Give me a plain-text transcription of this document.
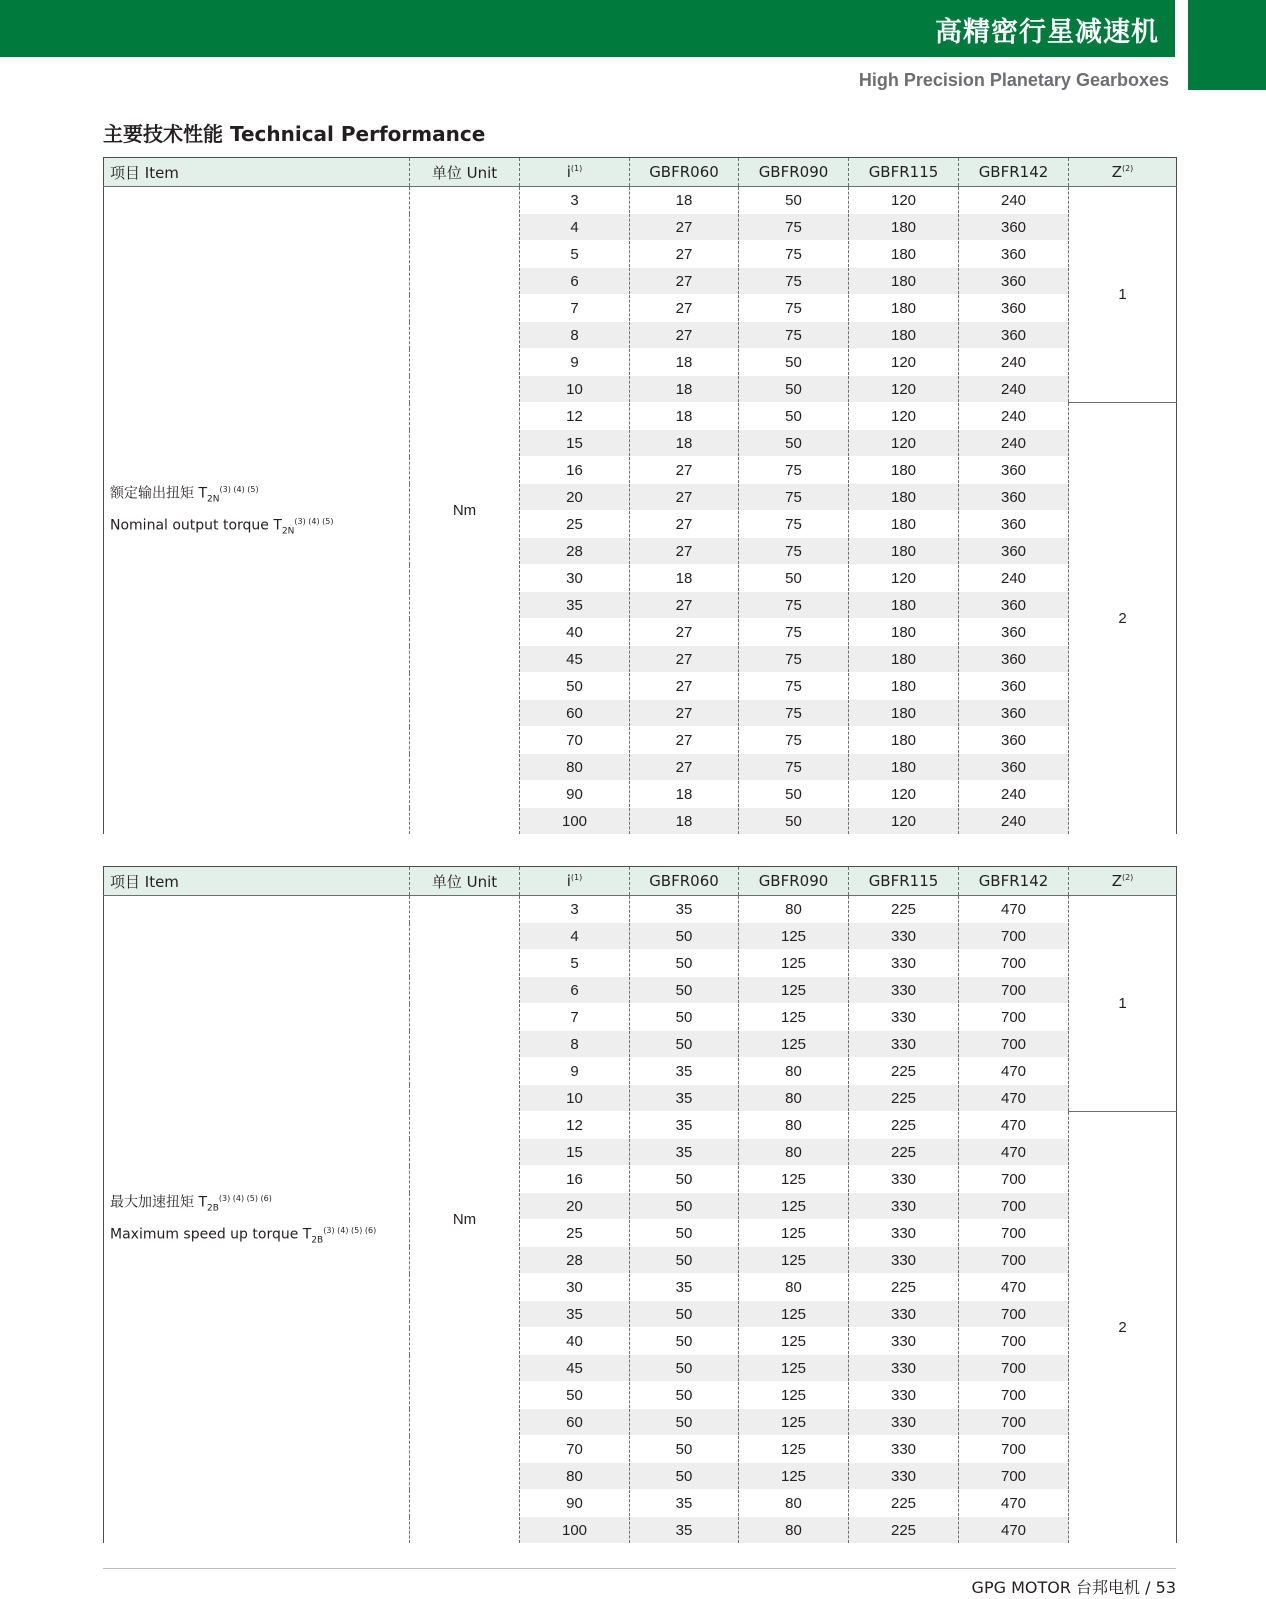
高精密行星减速机
High Precision Planetary Gearboxes
主要技术性能 Technical Performance
项目 Item	单位 Unit	$i^{(1)}$	GBFR060	GBFR090	GBFR115	GBFR142	$Z^{(2)}$

额定输出扭矩 $T_{2N}^{(3) (4) (5)}$
Nominal output torque $T_{2N}^{(3) (4) (5)}$	Nm	3	18	50	120	240	1
		4	27	75	180	360	
		5	27	75	180	360	
		6	27	75	180	360	
		7	27	75	180	360	
		8	27	75	180	360	
		9	18	50	120	240	
		10	18	50	120	240	
		12	18	50	120	240	2
		15	18	50	120	240	
		16	27	75	180	360	
		20	27	75	180	360	
		25	27	75	180	360	
		28	27	75	180	360	
		30	18	50	120	240	
		35	27	75	180	360	
		40	27	75	180	360	
		45	27	75	180	360	
		50	27	75	180	360	
		60	27	75	180	360	
		70	27	75	180	360	
		80	27	75	180	360	
		90	18	50	120	240	
		100	18	50	120	240	
项目 Item	单位 Unit	$i^{(1)}$	GBFR060	GBFR090	GBFR115	GBFR142	$Z^{(2)}$

最大加速扭矩 $T_{2B}^{(3) (4) (5) (6)}$
Maximum speed up torque $T_{2B}^{(3) (4) (5) (6)}$	Nm	3	35	80	225	470	1
		4	50	125	330	700	
		5	50	125	330	700	
		6	50	125	330	700	
		7	50	125	330	700	
		8	50	125	330	700	
		9	35	80	225	470	
		10	35	80	225	470	
		12	35	80	225	470	2
		15	35	80	225	470	
		16	50	125	330	700	
		20	50	125	330	700	
		25	50	125	330	700	
		28	50	125	330	700	
		30	35	80	225	470	
		35	50	125	330	700	
		40	50	125	330	700	
		45	50	125	330	700	
		50	50	125	330	700	
		60	50	125	330	700	
		70	50	125	330	700	
		80	50	125	330	700	
		90	35	80	225	470	
		100	35	80	225	470	
GPG MOTOR 台邦电机 / 53
